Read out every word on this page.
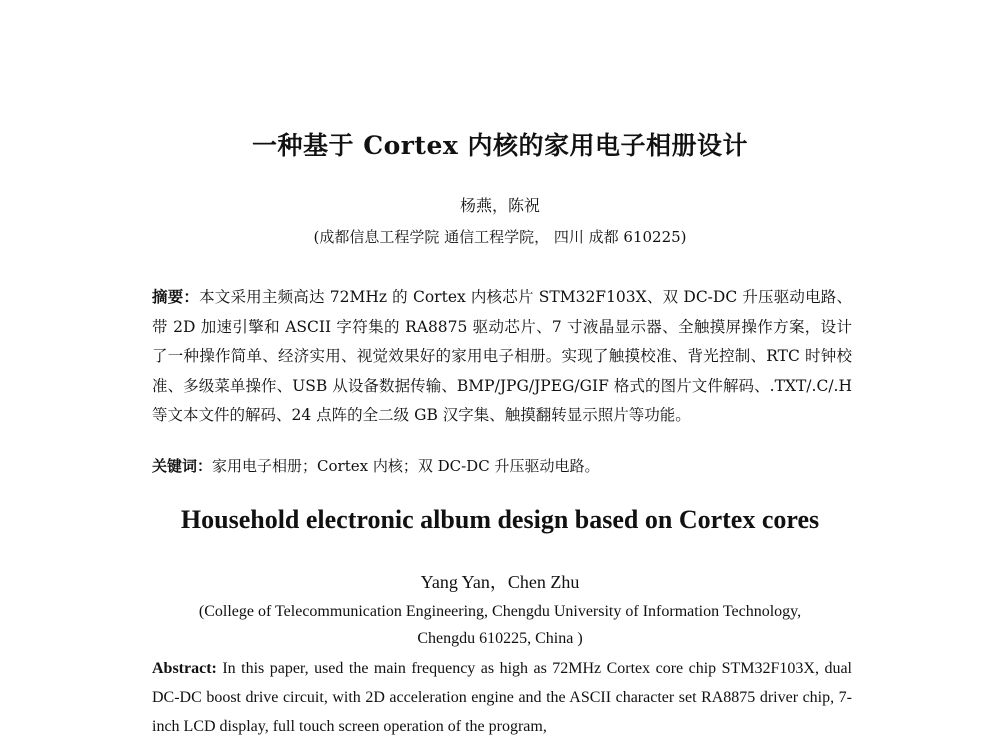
一种基于 Cortex 内核的家用电子相册设计
杨燕，陈祝
(成都信息工程学院 通信工程学院， 四川 成都 610225)
摘要：本文采用主频高达 72MHz 的 Cortex 内核芯片 STM32F103X、双 DC-DC 升压驱动电路、带 2D 加速引擎和 ASCII 字符集的 RA8875 驱动芯片、7 寸液晶显示器、全触摸屏操作方案，设计了一种操作简单、经济实用、视觉效果好的家用电子相册。实现了触摸校准、背光控制、RTC 时钟校准、多级菜单操作、USB 从设备数据传输、BMP/JPG/JPEG/GIF 格式的图片文件解码、.TXT/.C/.H 等文本文件的解码、24 点阵的全二级 GB 汉字集、触摸翻转显示照片等功能。
关键词：家用电子相册；Cortex 内核；双 DC-DC 升压驱动电路。
Household electronic album design based on Cortex cores
Yang Yan，Chen Zhu
(College of Telecommunication Engineering, Chengdu University of Information Technology,
Chengdu 610225, China )
Abstract: In this paper, used the main frequency as high as 72MHz Cortex core chip STM32F103X, dual DC-DC boost drive circuit, with 2D acceleration engine and the ASCII character set RA8875 driver chip, 7-inch LCD display, full touch screen operation of the program,
